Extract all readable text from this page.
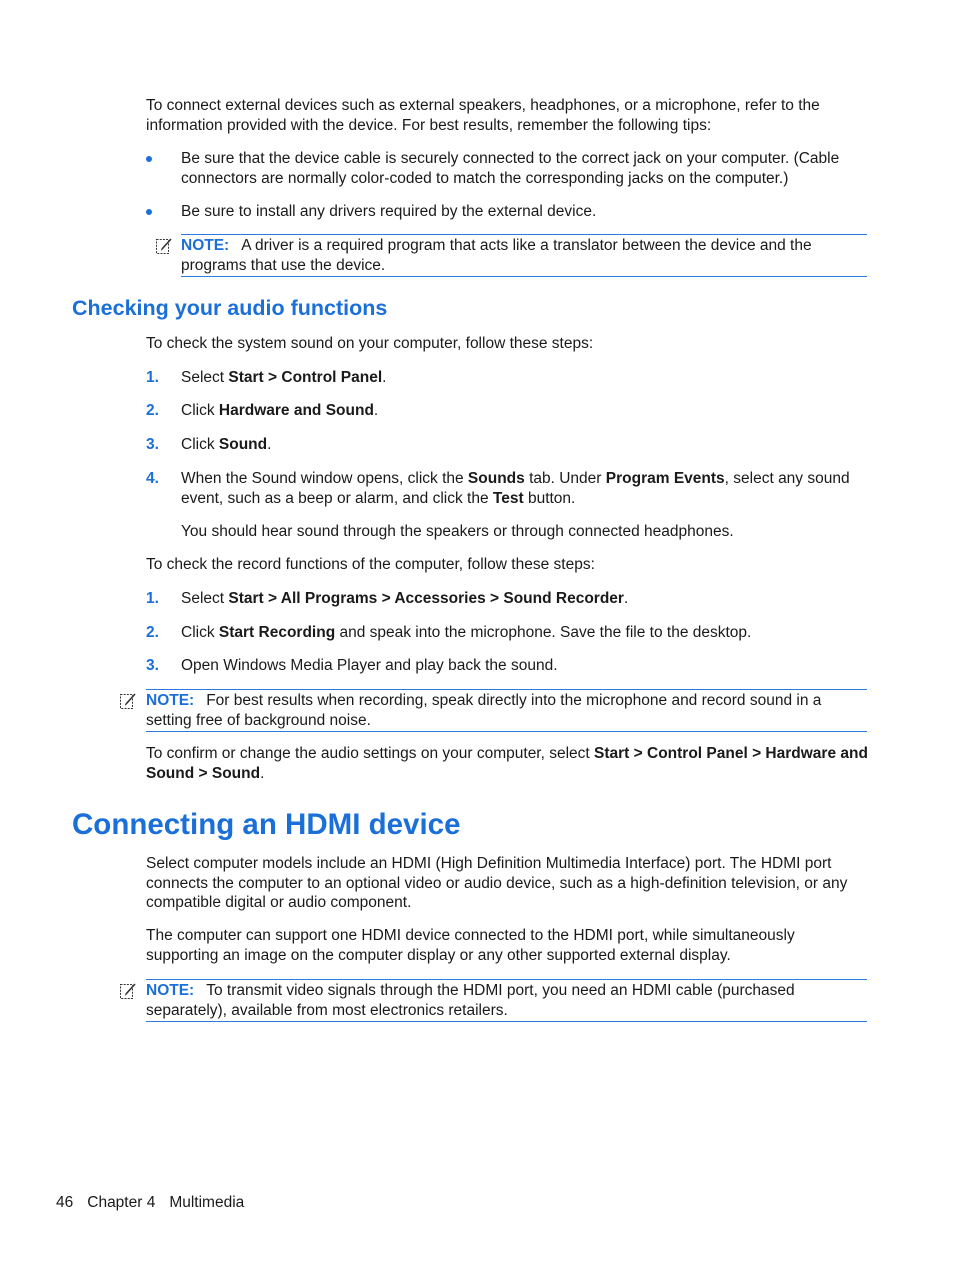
To connect external devices such as external speakers, headphones, or a microphone, refer to the information provided with the device. For best results, remember the following tips:

Be sure that the device cable is securely connected to the correct jack on your computer. (Cable connectors are normally color-coded to match the corresponding jacks on the computer.)

Be sure to install any drivers required by the external device.

NOTE: A driver is a required program that acts like a translator between the device and the programs that use the device.
Checking your audio functions

To check the system sound on your computer, follow these steps:

1. Select Start > Control Panel.

2. Click Hardware and Sound.

3. Click Sound.

4. When the Sound window opens, click the Sounds tab. Under Program Events, select any sound event, such as a beep or alarm, and click the Test button.

You should hear sound through the speakers or through connected headphones.

To check the record functions of the computer, follow these steps:

1. Select Start > All Programs > Accessories > Sound Recorder.

2. Click Start Recording and speak into the microphone. Save the file to the desktop.

3. Open Windows Media Player and play back the sound.

NOTE: For best results when recording, speak directly into the microphone and record sound in a setting free of background noise.

To confirm or change the audio settings on your computer, select Start > Control Panel > Hardware and Sound > Sound.

Connecting an HDMI device

Select computer models include an HDMI (High Definition Multimedia Interface) port. The HDMI port connects the computer to an optional video or audio device, such as a high-definition television, or any compatible digital or audio component.

The computer can support one HDMI device connected to the HDMI port, while simultaneously supporting an image on the computer display or any other supported external display.

NOTE: To transmit video signals through the HDMI port, you need an HDMI cable (purchased separately), available from most electronics retailers.
46 Chapter 4 Multimedia
